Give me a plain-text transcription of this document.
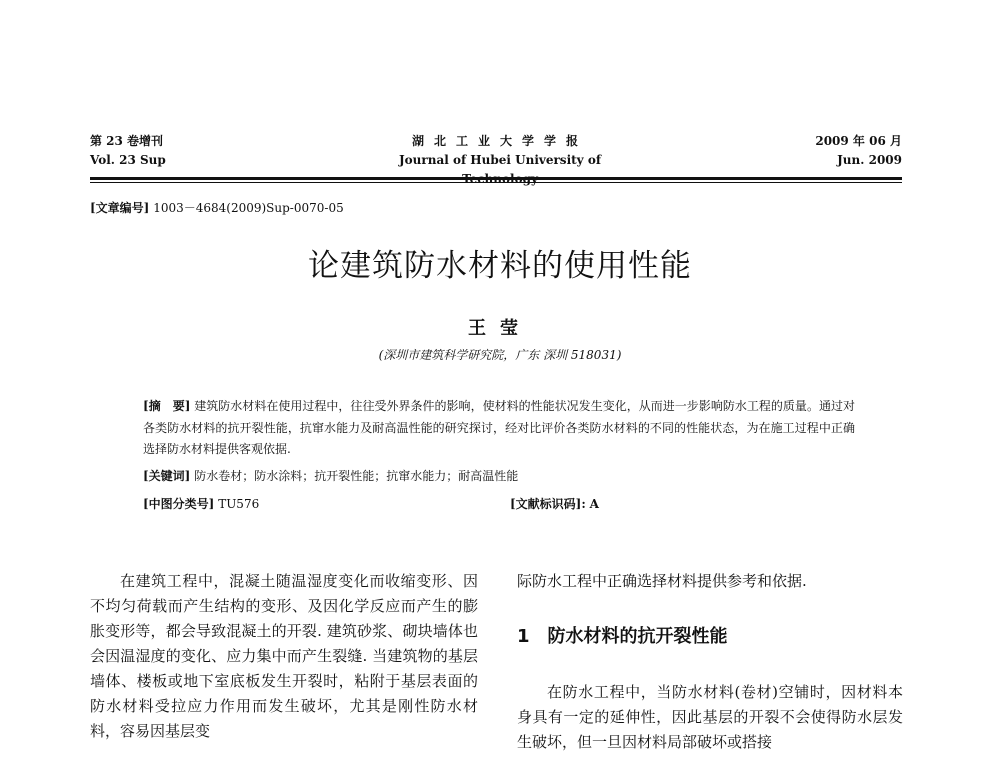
第 23 卷增刊
Vol. 23 Sup
湖北工业大学学报
Journal of Hubei University of
2009 年 06 月
Jun. 2009
[文章编号] 1003－4684(2009)Sup-0070-05
论建筑防水材料的使用性能
王莹
(深圳市建筑科学研究院，广东 深圳 518031)
[摘　要] 建筑防水材料在使用过程中，往往受外界条件的影响，使材料的性能状况发生变化，从而进一步影响防水工程的质量。通过对各类防水材料的抗开裂性能，抗窜水能力及耐高温性能的研究探讨，经对比评价各类防水材料的不同的性能状态，为在施工过程中正确选择防水材料提供客观依据.
[关键词] 防水卷材；防水涂料；抗开裂性能；抗窜水能力；耐高温性能
[中图分类号] TU576	[文献标识码]: A

在建筑工程中，混凝土随温湿度变化而收缩变形、因不均匀荷载而产生结构的变形、及因化学反应而产生的膨胀变形等，都会导致混凝土的开裂. 建筑砂浆、砌块墙体也会因温湿度的变化、应力集中而产生裂缝. 当建筑物的基层墙体、楼板或地下室底板发生开裂时，粘附于基层表面的防水材料受拉应力作用而发生破坏，尤其是刚性防水材料，容易因基层变

际防水工程中正确选择材料提供参考和依据.
1 防水材料的抗开裂性能

在防水工程中，当防水材料(卷材)空铺时，因材料本身具有一定的延伸性，因此基层的开裂不会使得防水层发生破坏，但一旦因材料局部破坏或搭接
